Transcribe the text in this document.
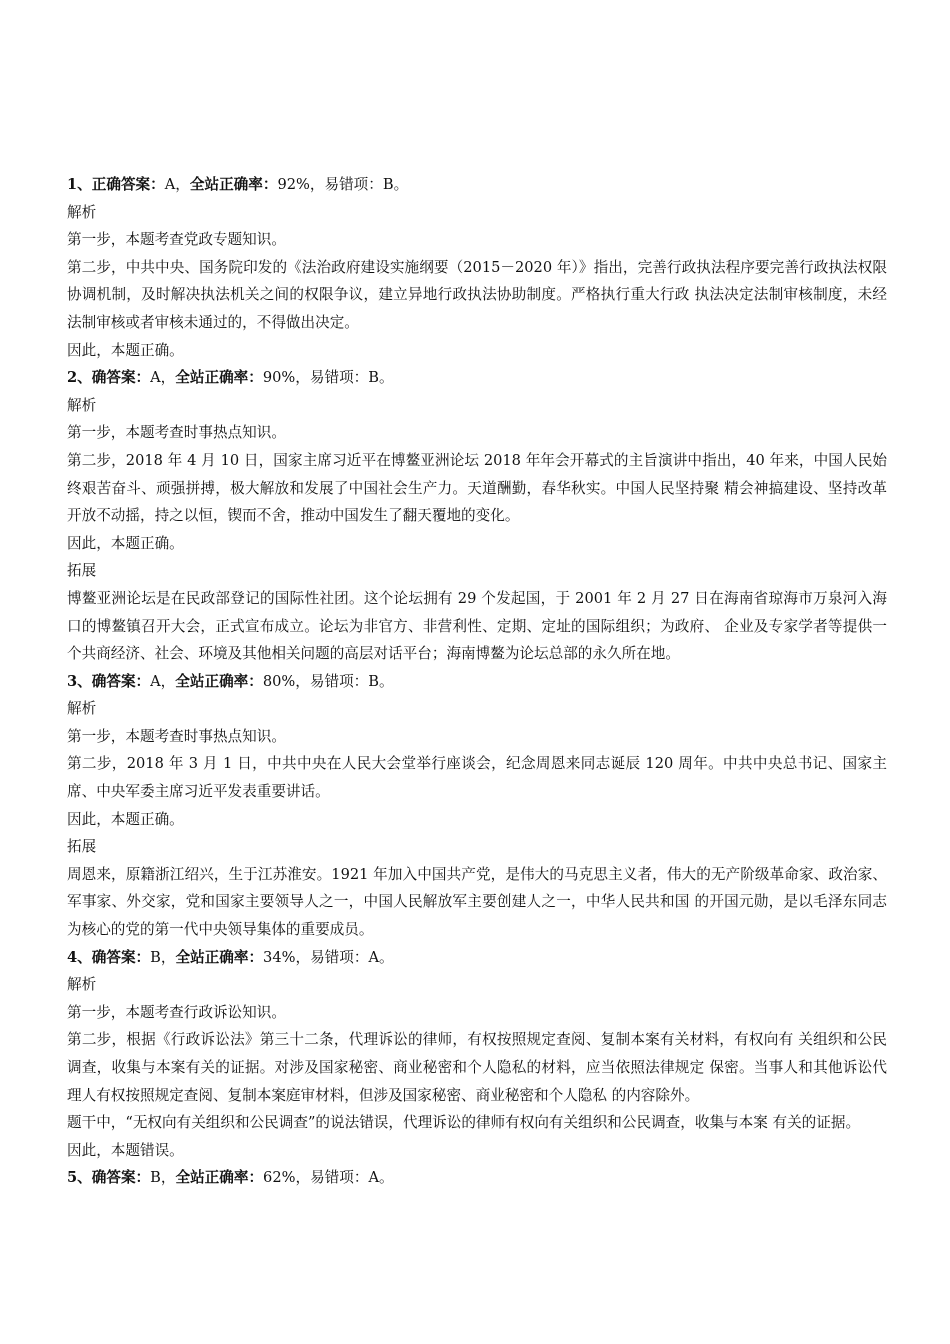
1、正确答案：A，全站正确率：92%，易错项：B。
解析
第一步，本题考查党政专题知识。
第二步，中共中央、国务院印发的《法治政府建设实施纲要（2015－2020 年）》指出，完善行政执法程序要完善行政执法权限协调机制，及时解决执法机关之间的权限争议，建立异地行政执法协助制度。严格执行重大行政 执法决定法制审核制度，未经法制审核或者审核未通过的，不得做出决定。
因此，本题正确。
2、确答案：A，全站正确率：90%，易错项：B。
解析
第一步，本题考查时事热点知识。
第二步，2018 年 4 月 10 日，国家主席习近平在博鳌亚洲论坛 2018 年年会开幕式的主旨演讲中指出，40 年来，中国人民始终艰苦奋斗、顽强拼搏，极大解放和发展了中国社会生产力。天道酬勤，春华秋实。中国人民坚持聚 精会神搞建设、坚持改革开放不动摇，持之以恒，锲而不舍，推动中国发生了翻天覆地的变化。
因此，本题正确。
拓展
博鳌亚洲论坛是在民政部登记的国际性社团。这个论坛拥有 29 个发起国，于 2001 年 2 月 27 日在海南省琼海市万泉河入海口的博鳌镇召开大会，正式宣布成立。论坛为非官方、非营利性、定期、定址的国际组织；为政府、 企业及专家学者等提供一个共商经济、社会、环境及其他相关问题的高层对话平台；海南博鳌为论坛总部的永久所在地。
3、确答案：A，全站正确率：80%，易错项：B。
解析
第一步，本题考查时事热点知识。
第二步，2018 年 3 月 1 日，中共中央在人民大会堂举行座谈会，纪念周恩来同志诞辰 120 周年。中共中央总书记、国家主席、中央军委主席习近平发表重要讲话。
因此，本题正确。
拓展
周恩来，原籍浙江绍兴，生于江苏淮安。1921 年加入中国共产党，是伟大的马克思主义者，伟大的无产阶级革命家、政治家、军事家、外交家，党和国家主要领导人之一，中国人民解放军主要创建人之一，中华人民共和国 的开国元勋，是以毛泽东同志为核心的党的第一代中央领导集体的重要成员。
4、确答案：B，全站正确率：34%，易错项：A。
解析
第一步，本题考查行政诉讼知识。
第二步，根据《行政诉讼法》第三十二条，代理诉讼的律师，有权按照规定查阅、复制本案有关材料，有权向有 关组织和公民调查，收集与本案有关的证据。对涉及国家秘密、商业秘密和个人隐私的材料，应当依照法律规定 保密。当事人和其他诉讼代理人有权按照规定查阅、复制本案庭审材料，但涉及国家秘密、商业秘密和个人隐私 的内容除外。
题干中，“无权向有关组织和公民调查”的说法错误，代理诉讼的律师有权向有关组织和公民调查，收集与本案 有关的证据。
因此，本题错误。
5、确答案：B，全站正确率：62%，易错项：A。
